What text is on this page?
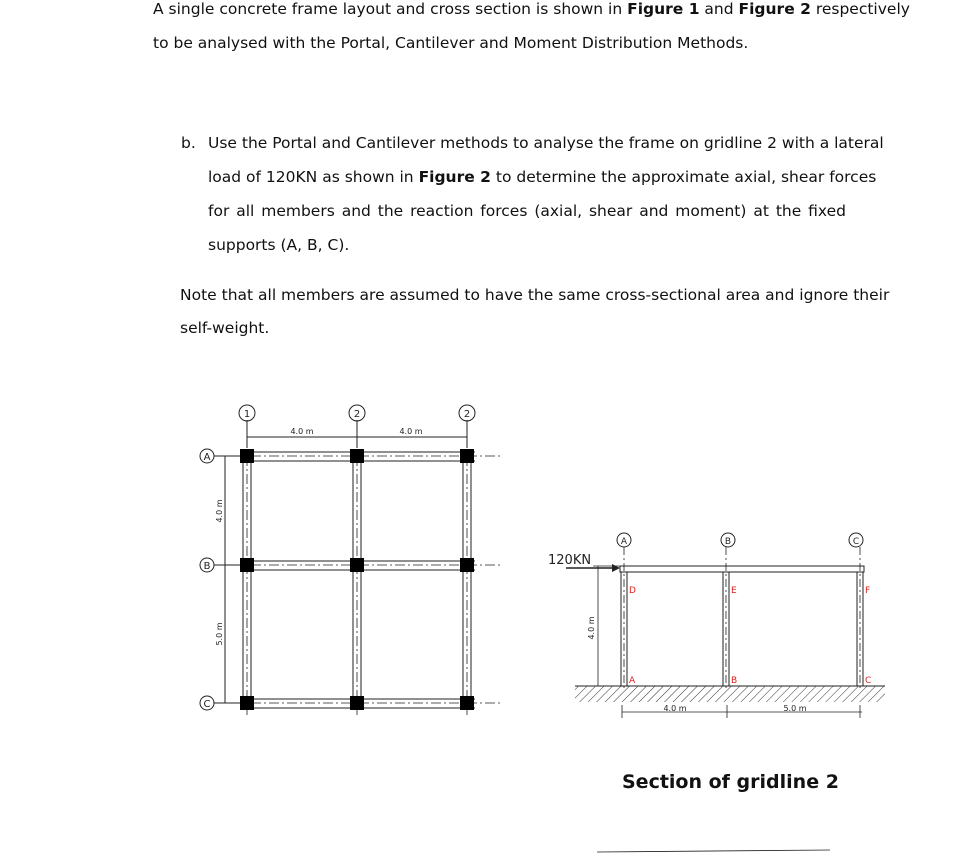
A single concrete frame layout and cross section is shown in Figure 1 and Figure 2 respectively
to be analysed with the Portal, Cantilever and Moment Distribution Methods.
b. Use the Portal and Cantilever methods to analyse the frame on gridline 2 with a lateral
load of 120KN as shown in Figure 2 to determine the approximate axial, shear forces
for all members and the reaction forces (axial, shear and moment) at the fixed
supports (A, B, C).
Note that all members are assumed to have the same cross-sectional area and ignore their
self-weight.
1	2	2
A
B
C
4.0 m	4.0 m
4.0 m
5.0 m
120KN
A	B	C
4.0 m
4.0 m	5.0 m
D	E	F
A	B	C
Section of gridline 2
